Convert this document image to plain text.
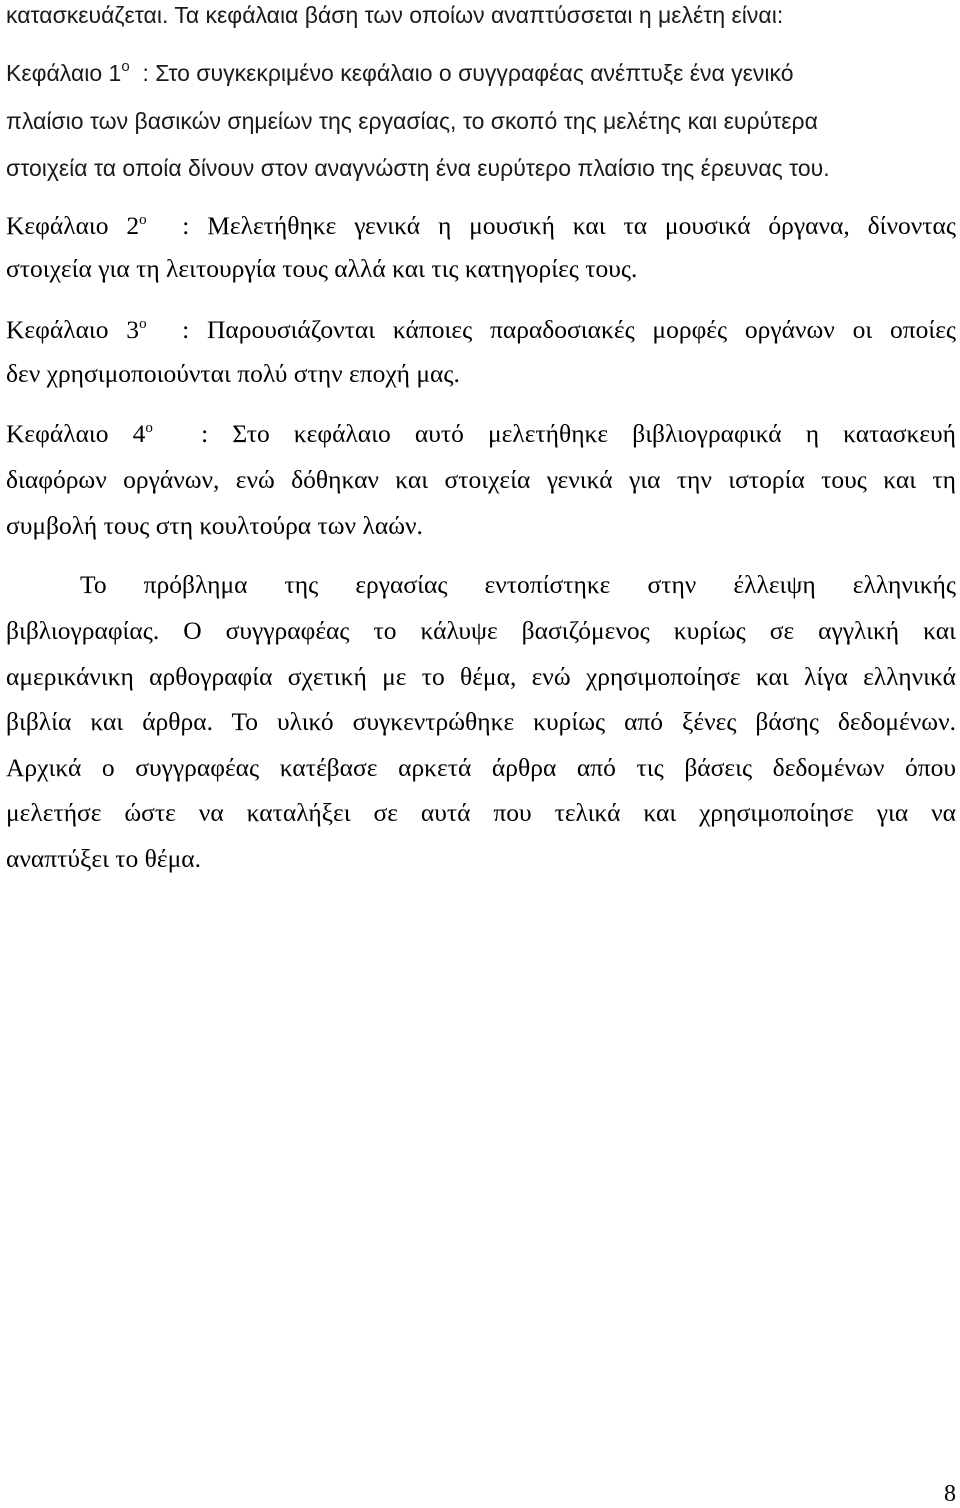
κατασκευάζεται. Τα κεφάλαια βάση των οποίων αναπτύσσεται η μελέτη είναι:
Κεφάλαιο $1^o$ : Στο συγκεκριμένο κεφάλαιο ο συγγραφέας ανέπτυξε ένα γενικό
πλαίσιο των βασικών σημείων της εργασίας, το σκοπό της μελέτης και ευρύτερα
στοιχεία τα οποία δίνουν στον αναγνώστη ένα ευρύτερο πλαίσιο της έρευνας του.
Κεφάλαιο $2^o$ : Μελετήθηκε γενικά η μουσική και τα μουσικά όργανα, δίνοντας
στοιχεία για τη λειτουργία τους αλλά και τις κατηγορίες τους.
Κεφάλαιο $3^o$ : Παρουσιάζονται κάποιες παραδοσιακές μορφές οργάνων οι οποίες
δεν χρησιμοποιούνται πολύ στην εποχή μας.
Κεφάλαιο $4^o$ : Στο κεφάλαιο αυτό μελετήθηκε βιβλιογραφικά η κατασκευή
διαφόρων οργάνων, ενώ δόθηκαν και στοιχεία γενικά για την ιστορία τους και τη
συμβολή τους στη κουλτούρα των λαών.
Το πρόβλημα της εργασίας εντοπίστηκε στην έλλειψη ελληνικής
βιβλιογραφίας. Ο συγγραφέας το κάλυψε βασιζόμενος κυρίως σε αγγλική και
αμερικάνικη αρθογραφία σχετική με το θέμα, ενώ χρησιμοποίησε και λίγα ελληνικά
βιβλία και άρθρα. Το υλικό συγκεντρώθηκε κυρίως από ξένες βάσης δεδομένων.
Αρχικά ο συγγραφέας κατέβασε αρκετά άρθρα από τις βάσεις δεδομένων όπου
μελετήσε ώστε να καταλήξει σε αυτά που τελικά και χρησιμοποίησε για να
αναπτύξει το θέμα.
8
